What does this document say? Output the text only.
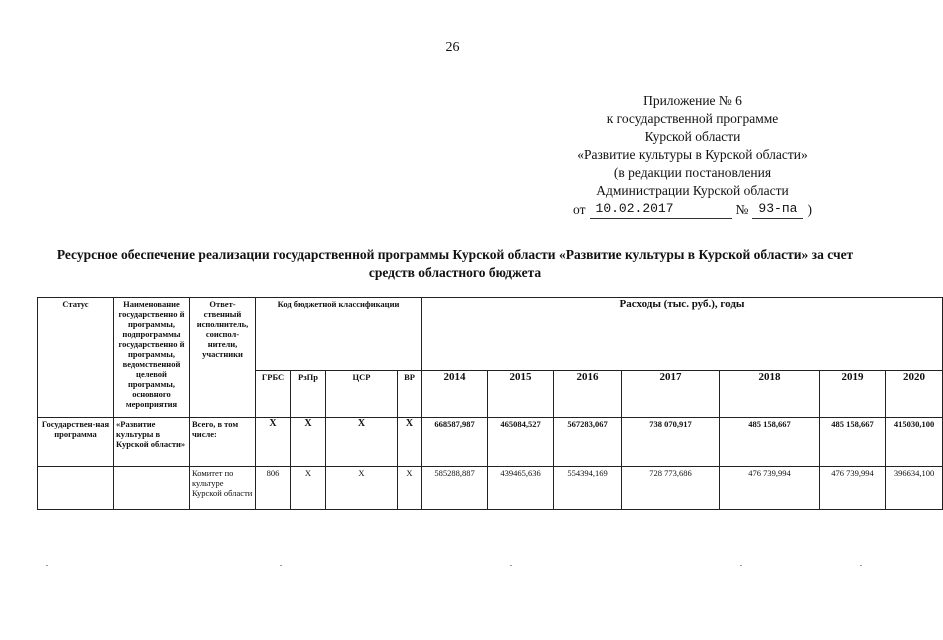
26
Приложение № 6
к государственной программе
Курской области
«Развитие культуры в Курской области»
(в редакции постановления
Администрации Курской области
от 10.02.2017	№ 93-па )
Ресурсное обеспечение реализации государственной программы Курской области «Развитие культуры в Курской области» за счет средств областного бюджета
Статус	Наименование государственно й программы, подпрограммы государственно й программы, ведомственной целевой программы, основного мероприятия	Ответ-ственный исполнитель, соиспол-нители, участники	Код бюджетной классификации				Расходы (тыс. руб.), годы						
			ГРБС	РзПр	ЦСР	ВР	2014	2015	2016	2017	2018	2019	2020
Государствен-ная программа	«Развитие культуры в Курской области»	Всего, в том числе:	X	X	X	X	668587,987	465084,527	567283,067	738 070,917	485 158,667	485 158,667	415030,100
		Комитет по культуре Курской области	806	X	X	X	585288,887	439465,636	554394,169	728 773,686	476 739,994	476 739,994	396634,100
